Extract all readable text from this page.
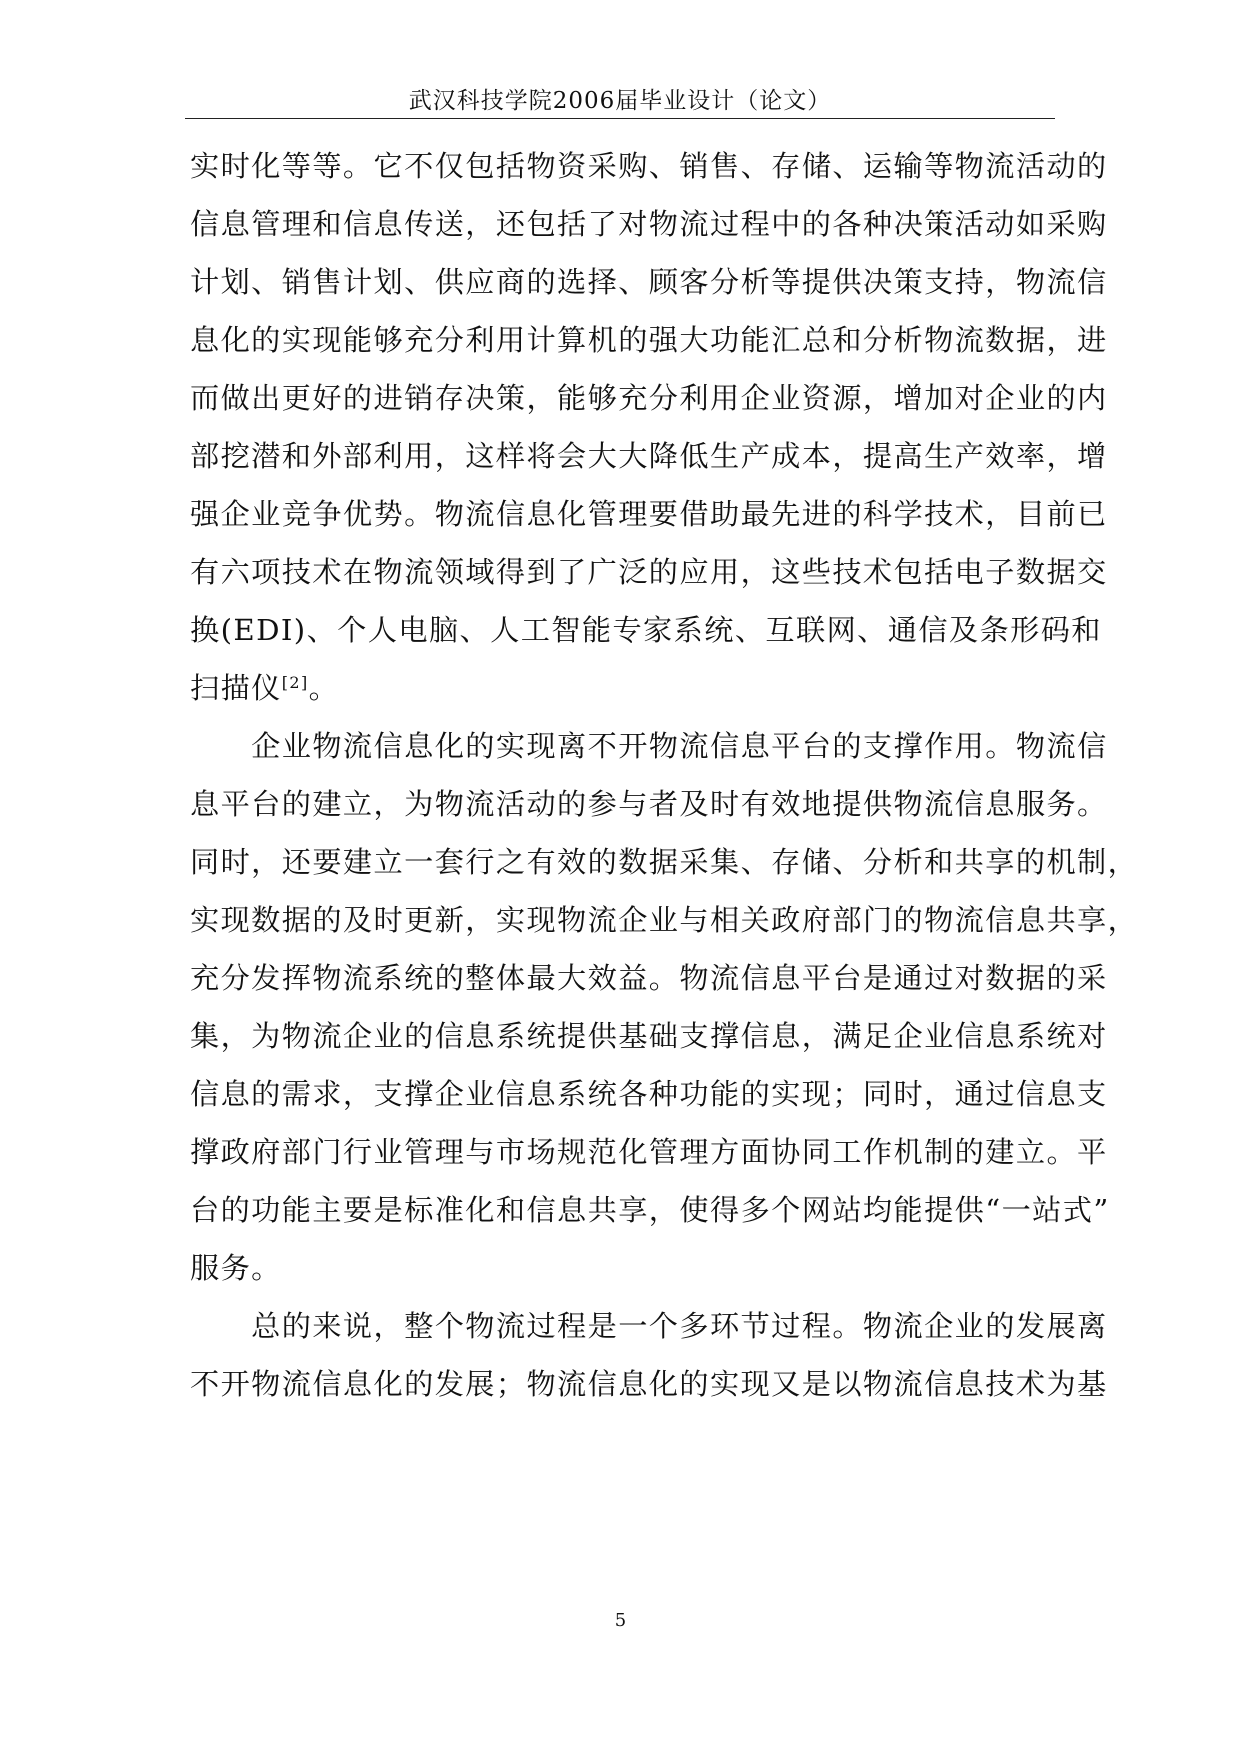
武汉科技学院2006届毕业设计（论文）
实时化等等。它不仅包括物资采购、销售、存储、运输等物流活动的
信息管理和信息传送，还包括了对物流过程中的各种决策活动如采购
计划、销售计划、供应商的选择、顾客分析等提供决策支持，物流信
息化的实现能够充分利用计算机的强大功能汇总和分析物流数据，进
而做出更好的进销存决策，能够充分利用企业资源，增加对企业的内
部挖潜和外部利用，这样将会大大降低生产成本，提高生产效率，增
强企业竞争优势。物流信息化管理要借助最先进的科学技术，目前已
有六项技术在物流领域得到了广泛的应用，这些技术包括电子数据交
换(EDI)、个人电脑、人工智能专家系统、互联网、通信及条形码和
扫描仪[2]。
　　企业物流信息化的实现离不开物流信息平台的支撑作用。物流信
息平台的建立，为物流活动的参与者及时有效地提供物流信息服务。
同时，还要建立一套行之有效的数据采集、存储、分析和共享的机制，
实现数据的及时更新，实现物流企业与相关政府部门的物流信息共享，
充分发挥物流系统的整体最大效益。物流信息平台是通过对数据的采
集，为物流企业的信息系统提供基础支撑信息，满足企业信息系统对
信息的需求，支撑企业信息系统各种功能的实现；同时，通过信息支
撑政府部门行业管理与市场规范化管理方面协同工作机制的建立。平
台的功能主要是标准化和信息共享，使得多个网站均能提供“一站式”
服务。
　　总的来说，整个物流过程是一个多环节过程。物流企业的发展离
不开物流信息化的发展；物流信息化的实现又是以物流信息技术为基
5
